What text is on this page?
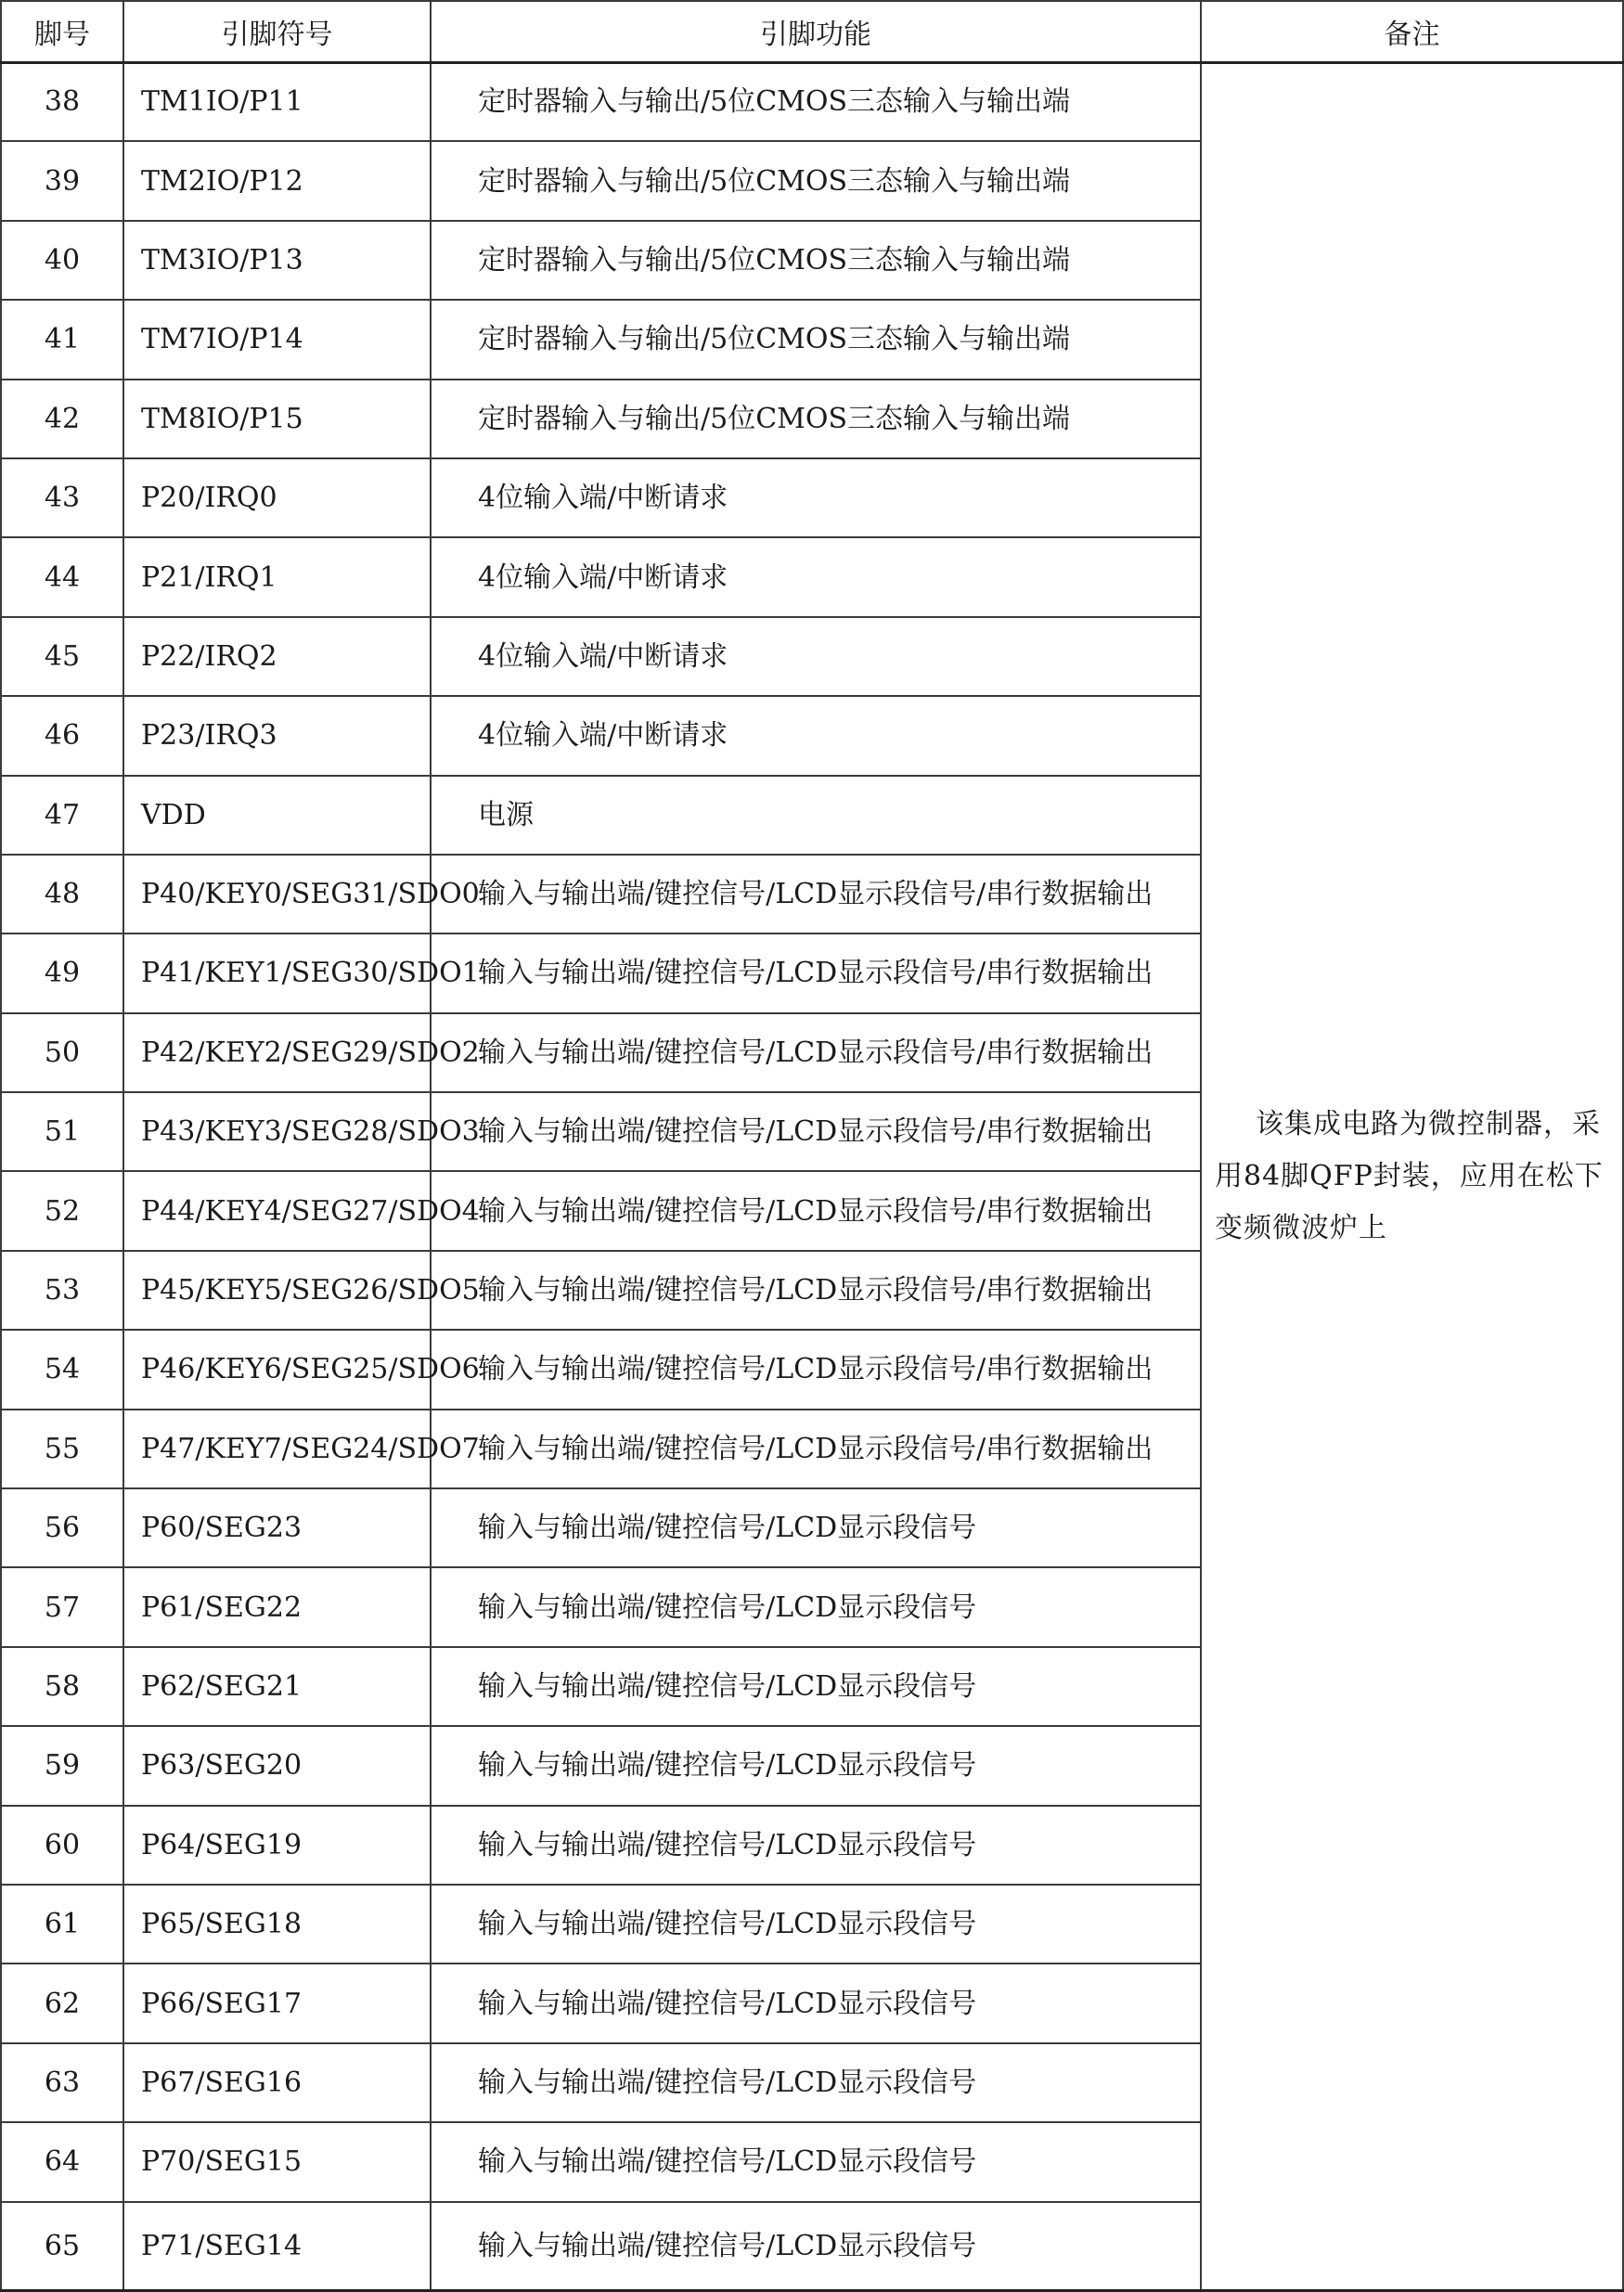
脚号	引脚符号	引脚功能	备注
38	TM1IO/P11	定时器输入与输出/5位CMOS三态输入与输出端	该集成电路为微控制器，采用84脚QFP封装，应用在松下变频微波炉上
39	TM2IO/P12	定时器输入与输出/5位CMOS三态输入与输出端	
40	TM3IO/P13	定时器输入与输出/5位CMOS三态输入与输出端	
41	TM7IO/P14	定时器输入与输出/5位CMOS三态输入与输出端	
42	TM8IO/P15	定时器输入与输出/5位CMOS三态输入与输出端	
43	P20/IRQ0	4位输入端/中断请求	
44	P21/IRQ1	4位输入端/中断请求	
45	P22/IRQ2	4位输入端/中断请求	
46	P23/IRQ3	4位输入端/中断请求	
47	VDD	电源	
48	P40/KEY0/SEG31/SDO0	输入与输出端/键控信号/LCD显示段信号/串行数据输出	
49	P41/KEY1/SEG30/SDO1	输入与输出端/键控信号/LCD显示段信号/串行数据输出	
50	P42/KEY2/SEG29/SDO2	输入与输出端/键控信号/LCD显示段信号/串行数据输出	
51	P43/KEY3/SEG28/SDO3	输入与输出端/键控信号/LCD显示段信号/串行数据输出	
52	P44/KEY4/SEG27/SDO4	输入与输出端/键控信号/LCD显示段信号/串行数据输出	
53	P45/KEY5/SEG26/SDO5	输入与输出端/键控信号/LCD显示段信号/串行数据输出	
54	P46/KEY6/SEG25/SDO6	输入与输出端/键控信号/LCD显示段信号/串行数据输出	
55	P47/KEY7/SEG24/SDO7	输入与输出端/键控信号/LCD显示段信号/串行数据输出	
56	P60/SEG23	输入与输出端/键控信号/LCD显示段信号	
57	P61/SEG22	输入与输出端/键控信号/LCD显示段信号	
58	P62/SEG21	输入与输出端/键控信号/LCD显示段信号	
59	P63/SEG20	输入与输出端/键控信号/LCD显示段信号	
60	P64/SEG19	输入与输出端/键控信号/LCD显示段信号	
61	P65/SEG18	输入与输出端/键控信号/LCD显示段信号	
62	P66/SEG17	输入与输出端/键控信号/LCD显示段信号	
63	P67/SEG16	输入与输出端/键控信号/LCD显示段信号	
64	P70/SEG15	输入与输出端/键控信号/LCD显示段信号	
65	P71/SEG14	输入与输出端/键控信号/LCD显示段信号	
